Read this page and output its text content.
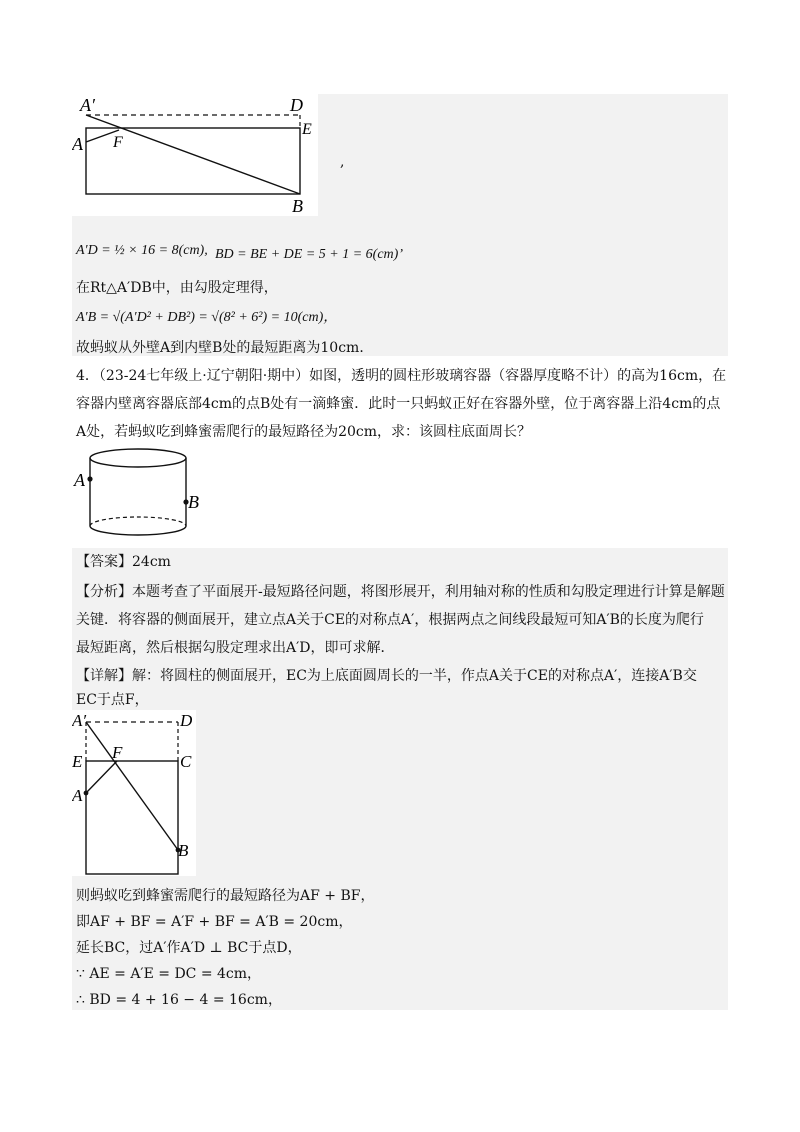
A′	D
E
A F
B
,
A′D = ½ × 16 = 8(cm), BD = BE + DE = 5 + 1 = 6(cm)’
在Rt△A′DB中，由勾股定理得，
A′B = √(A′D² + DB²) = √(8² + 6²) = 10(cm)，
故蚂蚁从外壁A到内壁B处的最短距离为10cm．
4．（23-24七年级上·辽宁朝阳·期中）如图，透明的圆柱形玻璃容器（容器厚度略不计）的高为16cm，在
容器内壁离容器底部4cm的点B处有一滴蜂蜜．此时一只蚂蚁正好在容器外壁，位于离容器上沿4cm的点
A处，若蚂蚁吃到蜂蜜需爬行的最短路径为20cm，求：该圆柱底面周长？
A
B
【答案】24cm
【分析】本题考查了平面展开-最短路径问题，将图形展开，利用轴对称的性质和勾股定理进行计算是解题
关键．将容器的侧面展开，建立点A关于CE的对称点A′，根据两点之间线段最短可知A′B的长度为爬行
最短距离，然后根据勾股定理求出A′D，即可求解．
【详解】解：将圆柱的侧面展开，EC为上底面圆周长的一半，作点A关于CE的对称点A′，连接A′B交
EC于点F，
A′	D
E F	C
A
B
则蚂蚁吃到蜂蜜需爬行的最短路径为AF + BF，
即AF + BF = A′F + BF = A′B = 20cm，
延长BC，过A′作A′D ⊥ BC于点D，
∵ AE = A′E = DC = 4cm，
∴ BD = 4 + 16 − 4 = 16cm，
